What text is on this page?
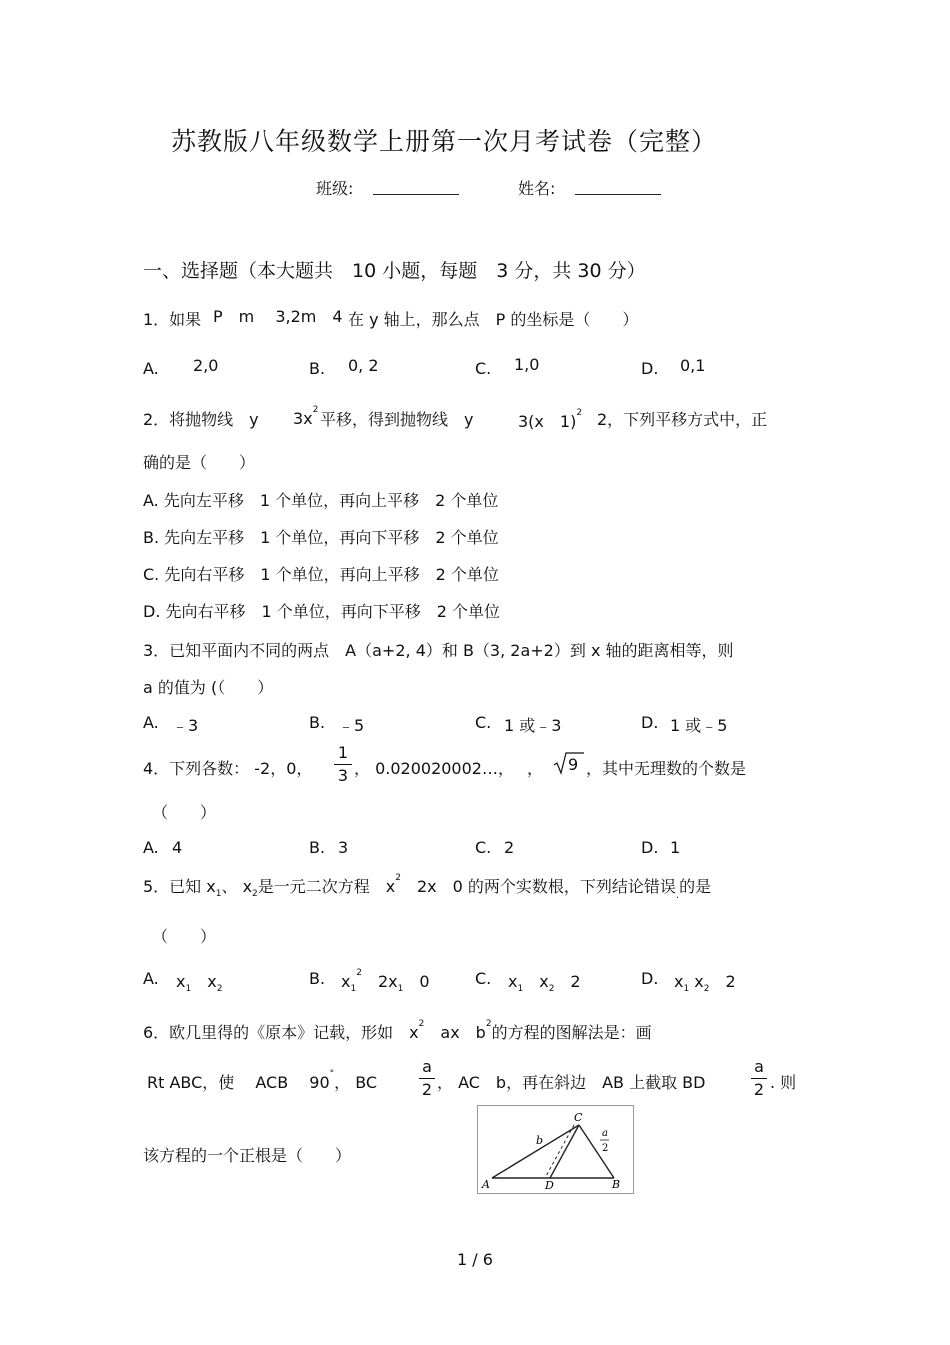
苏教版八年级数学上册第一次月考试卷（完整）
班级:	姓名:
一、选择题（本大题共　10 小题，每题　3 分，共 30 分）
1．如果 P　m　 3,2m　4 在 y 轴上，那么点　P 的坐标是（　　）
A. 2,0	B. 0, 2	C. 1,0	D. 0,1
2．将抛物线　y $3x^2$
平移，得到抛物线　y	3(x　1)$^2$ 2，下列平移方式中，正
确的是（　　）
A. 先向左平移　1 个单位，再向上平移　2 个单位
B. 先向左平移　1 个单位，再向下平移　2 个单位
C. 先向右平移　1 个单位，再向上平移　2 个单位
D. 先向右平移　1 个单位，再向下平移　2 个单位
3．已知平面内不同的两点　A（a+2, 4）和 B（3, 2a+2）到 x 轴的距离相等，则
a 的值为 (（　　）
A. ﹣3	B. ﹣5	C. 1 或﹣3	D. 1 或﹣5
4．下列各数： -2，0，
1
3 ， 0.020020002…，　 ， 9 ，其中无理数的个数是
（　　）
A. 4	B. 3	C. 2	D. 1
5．已知 $x_1$、 $x_2$是一元二次方程　$x^2$　2x　0 的两个实数根，下列结论错误$_.$的是
（　　）
A. $x_1$　$x_2$
B. $x_1^2$　$2x_1$　0	C. $x_1$　$x_2$　2	D. $x_1$ $x_2$　2
6．欧几里得的《原本》记载，形如　$x^2$　ax　$b^2$的方程的图解法是：画
Rt ABC，使　 ACB　 90°， BC
a
2 ， AC　b，再在斜边　AB 上截取 BD
a
2 . 则
该方程的一个正根是（　　）
C
b
a
2
A	D	B
1 / 6
